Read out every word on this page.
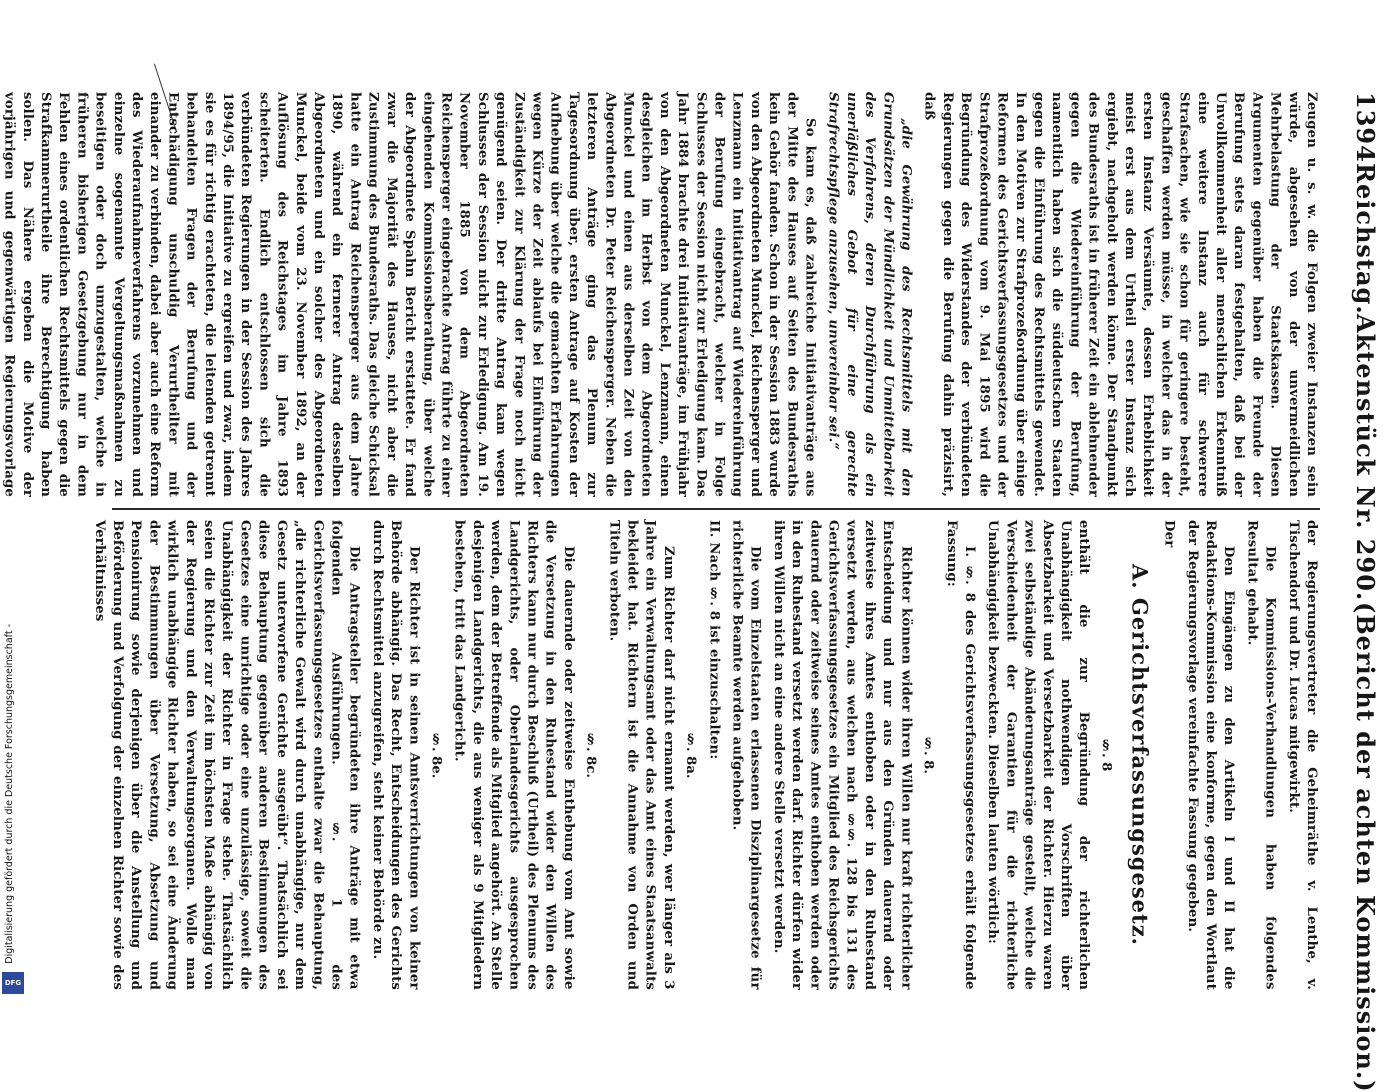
Digitalisierung gefördert durch die Deutsche Forschungsgemeinschaft -
DFG
1394
Reichstag.
Aktenstück Nr. 290.
(Bericht der achten Kommission.)

Zeugen u. s. w. die Folgen zweier Instanzen sein würde, abgesehen von der unvermeidlichen Mehrbelastung der Staatskassen. Diesen Argumenten gegenüber haben die Freunde der Berufung stets daran festgehalten, daß bei der Unvollkommenheit aller menschlichen Erkenntniß eine weitere Instanz auch für schwerere Strafsachen, wie sie schon für geringere besteht, geschaffen werden müsse, in welcher das in der ersten Instanz Versäumte, dessen Erheblichkeit meist erst aus dem Urtheil erster Instanz sich ergiebt, nachgeholt werden könne. Der Standpunkt des Bundesraths ist in früherer Zeit ein ablehnender gegen die Wiedereinführung der Berufung, namentlich haben sich die süddeutschen Staaten gegen die Einführung des Rechtsmittels gewendet. In den Motiven zur Strafprozeßordnung über einige Reformen des Gerichtsverfassungsgesetzes und der Strafprozeßordnung vom 9. Mai 1895 wird die Begründung des Widerstandes der verbündeten Regierungen gegen die Berufung dahin präzisirt, daß

„die Gewährung des Rechtsmittels mit den Grundsätzen der Mündlichkeit und Unmittelbarkeit des Verfahrens, deren Durchführung als ein unerläßliches Gebot für eine gerechte Strafrechtspflege anzusehen, unvereinbar sei.“

So kam es, daß zahlreiche Initiativanträge aus der Mitte des Hauses auf Seiten des Bundesraths kein Gehör fanden. Schon in der Session 1883 wurde von den Abgeordneten Munckel, Reichensperger und Lenzmann ein Initiativantrag auf Wiedereinführung der Berufung eingebracht, welcher in Folge Schlusses der Session nicht zur Erledigung kam. Das Jahr 1884 brachte drei Initiativanträge, im Frühjahr von den Abgeordneten Munckel, Lenzmann, einen desgleichen im Herbst von dem Abgeordneten Munckel und einen aus derselben Zeit von den Abgeordneten Dr. Peter Reichensperger. Neben die letzteren Anträge ging das Plenum zur Tagesordnung über, ersten Antrage auf Kosten der Aufhebung über welche die gemachten Erfahrungen wegen Kürze der Zeit ablaufs bei Einführung der Zuständigkeit zur Klärung der Frage noch nicht genügend seien. Der dritte Antrag kam wegen Schlusses der Session nicht zur Erledigung. Am 19. November 1885 von dem Abgeordneten Reichensperger eingebrachte Antrag führte zu einer eingehenden Kommissionsberathung, über welche der Abgeordnete Spahn Bericht erstattete. Er fand zwar die Majorität des Hauses, nicht aber die Zustimmung des Bundesraths. Das gleiche Schicksal hatte ein Antrag Reichensperger aus dem Jahre 1890, während ein fernerer Antrag desselben Abgeordneten und ein solcher des Abgeordneten Munckel, beide vom 23. November 1892, an der Auflösung des Reichstages im Jahre 1893 scheiterten. Endlich entschlossen sich die verbündeten Regierungen in der Session des Jahres 1894/95, die Initiative zu ergreifen und zwar, indem sie es für richtig erachteten, die leitenden getrennt behandelten Fragen der Berufung und der Entschädigung unschuldig Verurtheilter mit einander zu verbinden, dabei aber auch eine Reform des Wiederaufnahmeverfahrens vorzunehmen und einzelne sogenannte Vergeltungsmaßnahmen zu beseitigen oder doch umzugestalten, welche in früheren bisherigen Gesetzgebung nur in dem Fehlen eines ordentlichen Rechtsmittels gegen die Strafkammerurtheile ihre Berechtigung haben sollen. Das Nähere ergeben die Motive der vorjährigen und gegenwärtigen Regierungsvorlage

der Regierungsvertreter die Geheimräthe v. Lenthe, v. Tischendorf und Dr. Lucas mitgewirkt.

Die Kommissions-Verhandlungen haben folgendes Resultat gehabt.

Den Eingängen zu den Artikeln I und II hat die Redaktions-Kommission eine konforme, gegen den Wortlaut der Regierungsvorlage vereinfachte Fassung gegeben.

Der

A. Gerichtsverfassungsgesetz.
§. 8

enthält die zur Begründung der richterlichen Unabhängigkeit nothwendigen Vorschriften über Absetzbarkeit und Versetzbarkeit der Richter. Hierzu waren zwei selbständige Abänderungsanträge gestellt, welche die Verschiedenheit der Garantien für die richterliche Unabhängigkeit bezweckten. Dieselben lauten wörtlich:

I. §. 8 des Gerichtsverfassungsgesetzes erhält folgende Fassung:

§. 8.

Richter können wider ihren Willen nur kraft richterlicher Entscheidung und nur aus den Gründen dauernd oder zeitweise ihres Amtes enthoben oder in den Ruhestand versetzt werden, aus welchen nach §§. 128 bis 131 des Gerichtsverfassungsgesetzes ein Mitglied des Reichsgerichts dauernd oder zeitweise seines Amtes enthoben werden oder in den Ruhestand versetzt werden darf. Richter dürfen wider ihren Willen nicht an eine andere Stelle versetzt werden.

Die vom Einzelstaaten erlassenen Disziplinargesetze für richterliche Beamte werden aufgehoben.

II. Nach §. 8 ist einzuschalten:

§. 8a.

Zum Richter darf nicht ernannt werden, wer länger als 3 Jahre ein Verwaltungsamt oder das Amt eines Staatsanwalts bekleidet hat. Richtern ist die Annahme von Orden und Titeln verboten.

§. 8c.

Die dauernde oder zeitweise Enthebung vom Amt sowie die Versetzung in den Ruhestand wider den Willen des Richters kann nur durch Beschluß (Urtheil) des Plenums des Landgerichts, oder Oberlandesgerichts ausgesprochen werden, dem der Betreffende als Mitglied angehört. An Stelle desjenigen Landgerichts, die aus weniger als 9 Mitgliedern bestehen, tritt das Landgericht.

§. 8e.

Der Richter ist in seinen Amtsverrichtungen von keiner Behörde abhängig. Das Recht, Entscheidungen des Gerichts durch Rechtsmittel anzugreifen, steht keiner Behörde zu.

Die Antragsteller begründeten ihre Anträge mit etwa folgenden Ausführungen. §. 1 des Gerichtsverfassungsgesetzes enthalte zwar die Behauptung, „die richterliche Gewalt wird durch unabhängige, nur dem Gesetz unterworfene Gerichte ausgeübt“. Thatsächlich sei diese Behauptung gegenüber anderen Bestimmungen des Gesetzes eine unrichtige oder eine unzulässige, soweit die Unabhängigkeit der Richter in Frage stehe. Thatsächlich seien die Richter zur Zeit im höchsten Maße abhängig von der Regierung und den Verwaltungsorganen. Wolle man wirklich unabhängige Richter haben, so sei eine Änderung der Bestimmungen über Versetzung, Absetzung und Pensionirung sowie derjenigen über die Anstellung und Beförderung und Verfolgung der einzelnen Richter sowie des Verhältnisses
